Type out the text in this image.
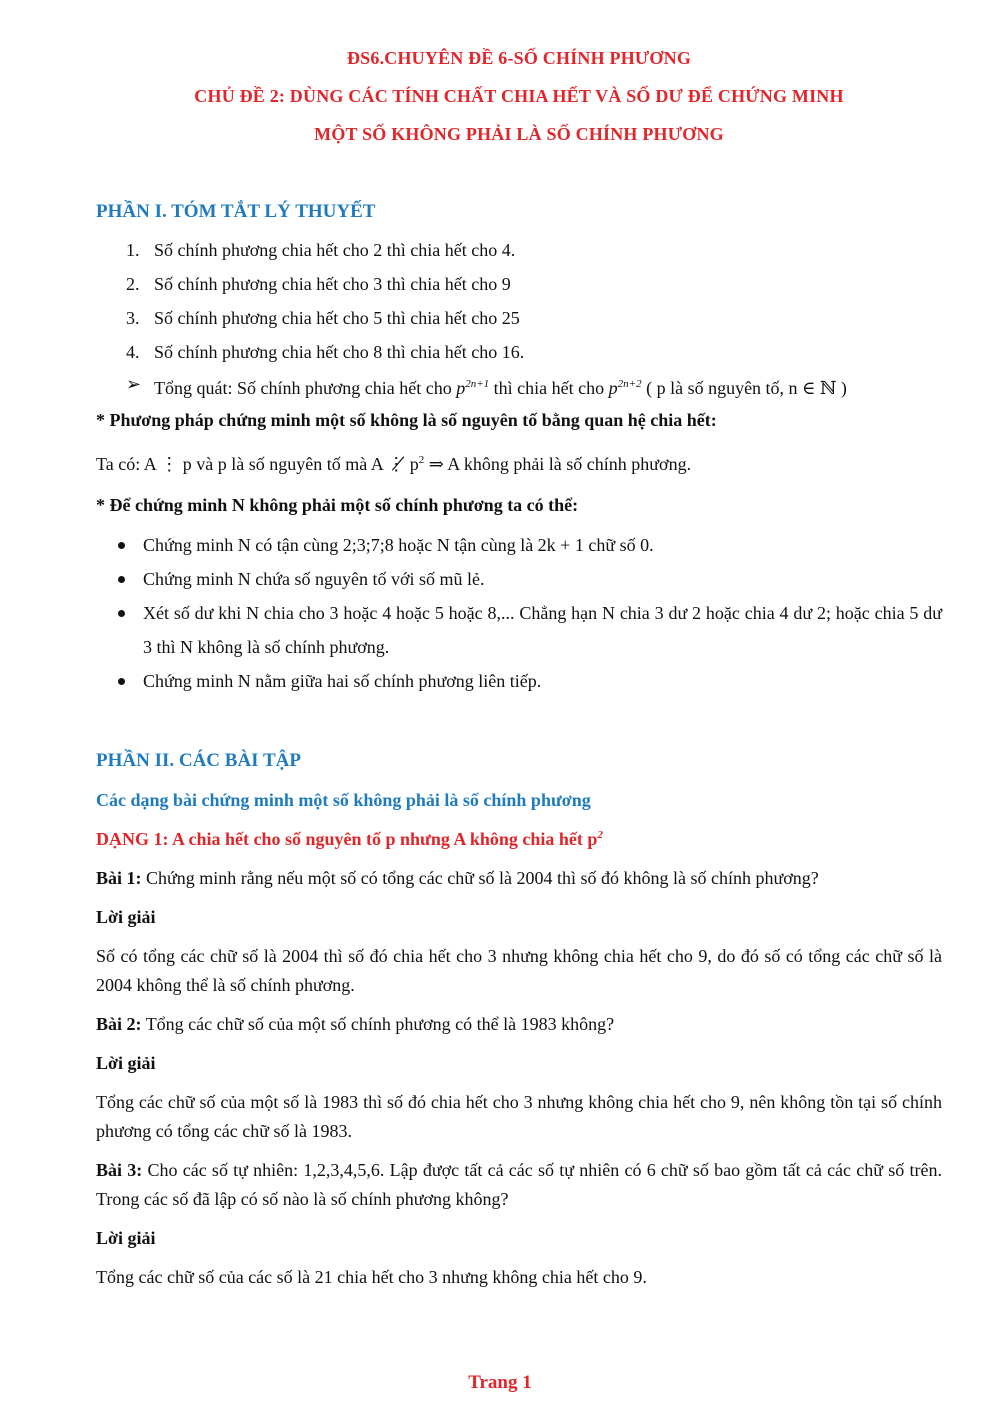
ĐS6.CHUYÊN ĐỀ 6-SỐ CHÍNH PHƯƠNG
CHỦ ĐỀ 2: DÙNG CÁC TÍNH CHẤT CHIA HẾT VÀ SỐ DƯ ĐỂ CHỨNG MINH
MỘT SỐ KHÔNG PHẢI LÀ SỐ CHÍNH PHƯƠNG
PHẦN I. TÓM TẮT LÝ THUYẾT
1. Số chính phương chia hết cho 2 thì chia hết cho 4.
2. Số chính phương chia hết cho 3 thì chia hết cho 9
3. Số chính phương chia hết cho 5 thì chia hết cho 25
4. Số chính phương chia hết cho 8 thì chia hết cho 16.
➢ Tổng quát: Số chính phương chia hết cho $p^{2n+1}$ thì chia hết cho $p^{2n+2}$ ( p là số nguyên tố, n ∈ ℕ )
* Phương pháp chứng minh một số không là số nguyên tố bằng quan hệ chia hết:
Ta có: A ⋮ p và p là số nguyên tố mà A ⋮̸ $p^2$ ⇒ A không phải là số chính phương.
* Để chứng minh N không phải một số chính phương ta có thể:
Chứng minh N có tận cùng 2;3;7;8 hoặc N tận cùng là 2k + 1 chữ số 0.
Chứng minh N chứa số nguyên tố với số mũ lẻ.
Xét số dư khi N chia cho 3 hoặc 4 hoặc 5 hoặc 8,... Chẳng hạn N chia 3 dư 2 hoặc chia 4 dư 2; hoặc chia 5 dư 3 thì N không là số chính phương.
Chứng minh N nằm giữa hai số chính phương liên tiếp.
PHẦN II. CÁC BÀI TẬP
Các dạng bài chứng minh một số không phải là số chính phương
DẠNG 1: A chia hết cho số nguyên tố p nhưng A không chia hết $p^2$
Bài 1: Chứng minh rằng nếu một số có tổng các chữ số là 2004 thì số đó không là số chính phương?
Lời giải
Số có tổng các chữ số là 2004 thì số đó chia hết cho 3 nhưng không chia hết cho 9, do đó số có tổng các chữ số là 2004 không thể là số chính phương.
Bài 2: Tổng các chữ số của một số chính phương có thể là 1983 không?
Lời giải
Tổng các chữ số của một số là 1983 thì số đó chia hết cho 3 nhưng không chia hết cho 9, nên không tồn tại số chính phương có tổng các chữ số là 1983.
Bài 3: Cho các số tự nhiên: 1,2,3,4,5,6. Lập được tất cả các số tự nhiên có 6 chữ số bao gồm tất cả các chữ số trên. Trong các số đã lập có số nào là số chính phương không?
Lời giải
Tổng các chữ số của các số là 21 chia hết cho 3 nhưng không chia hết cho 9.
Trang 1
